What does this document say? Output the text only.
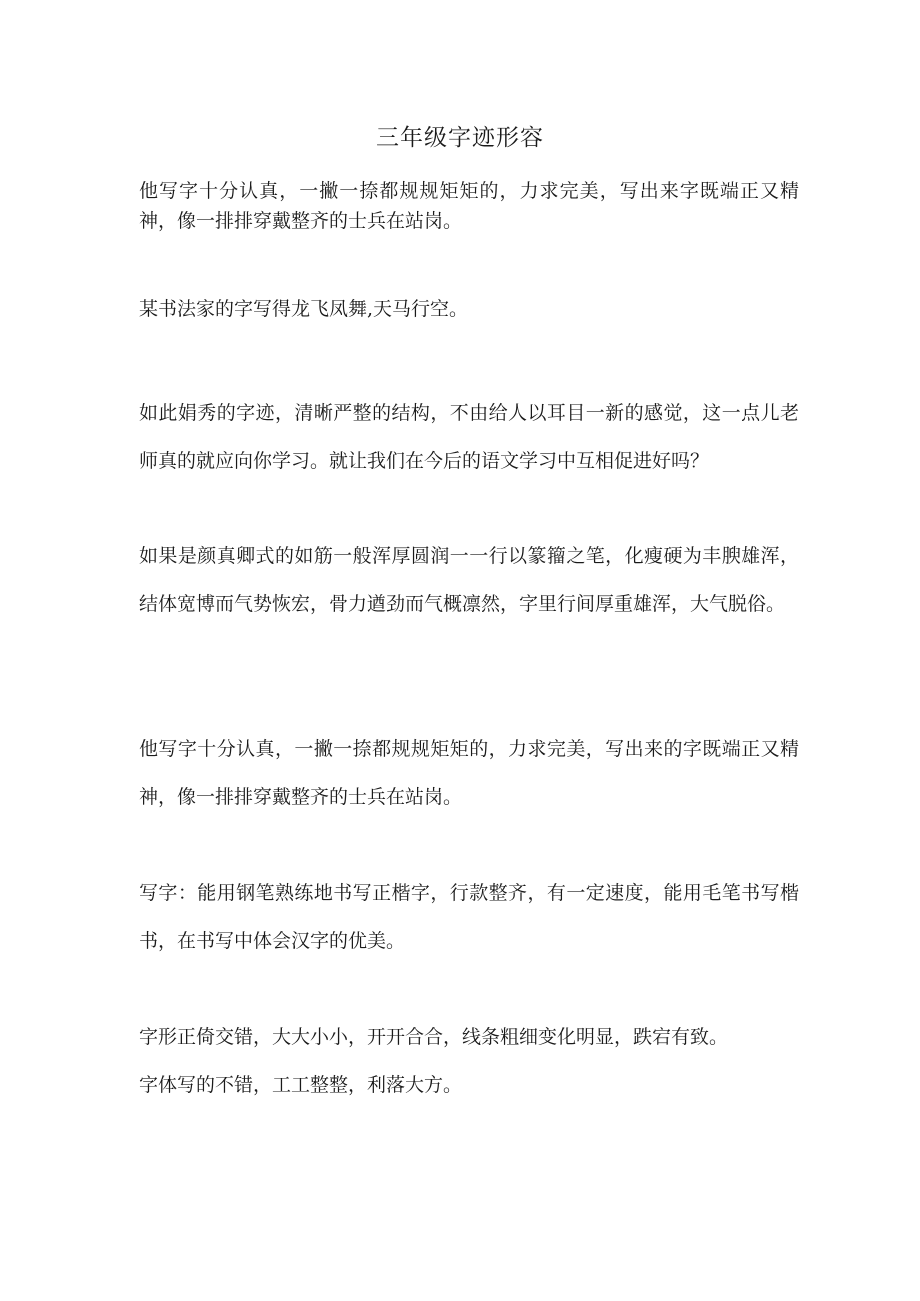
三年级字迹形容

他写字十分认真，一撇一捺都规规矩矩的，力求完美，写出来字既端正又精神，像一排排穿戴整齐的士兵在站岗。

某书法家的字写得龙飞凤舞,天马行空。

如此娟秀的字迹，清晰严整的结构，不由给人以耳目一新的感觉，这一点儿老师真的就应向你学习。就让我们在今后的语文学习中互相促进好吗？

如果是颜真卿式的如筋一般浑厚圆润一一行以篆籀之笔，化瘦硬为丰腴雄浑，结体宽博而气势恢宏，骨力遒劲而气概凛然，字里行间厚重雄浑，大气脱俗。

他写字十分认真，一撇一捺都规规矩矩的，力求完美，写出来的字既端正又精神，像一排排穿戴整齐的士兵在站岗。

写字：能用钢笔熟练地书写正楷字，行款整齐，有一定速度，能用毛笔书写楷书，在书写中体会汉字的优美。

字形正倚交错，大大小小，开开合合，线条粗细变化明显，跌宕有致。

字体写的不错，工工整整，利落大方。
